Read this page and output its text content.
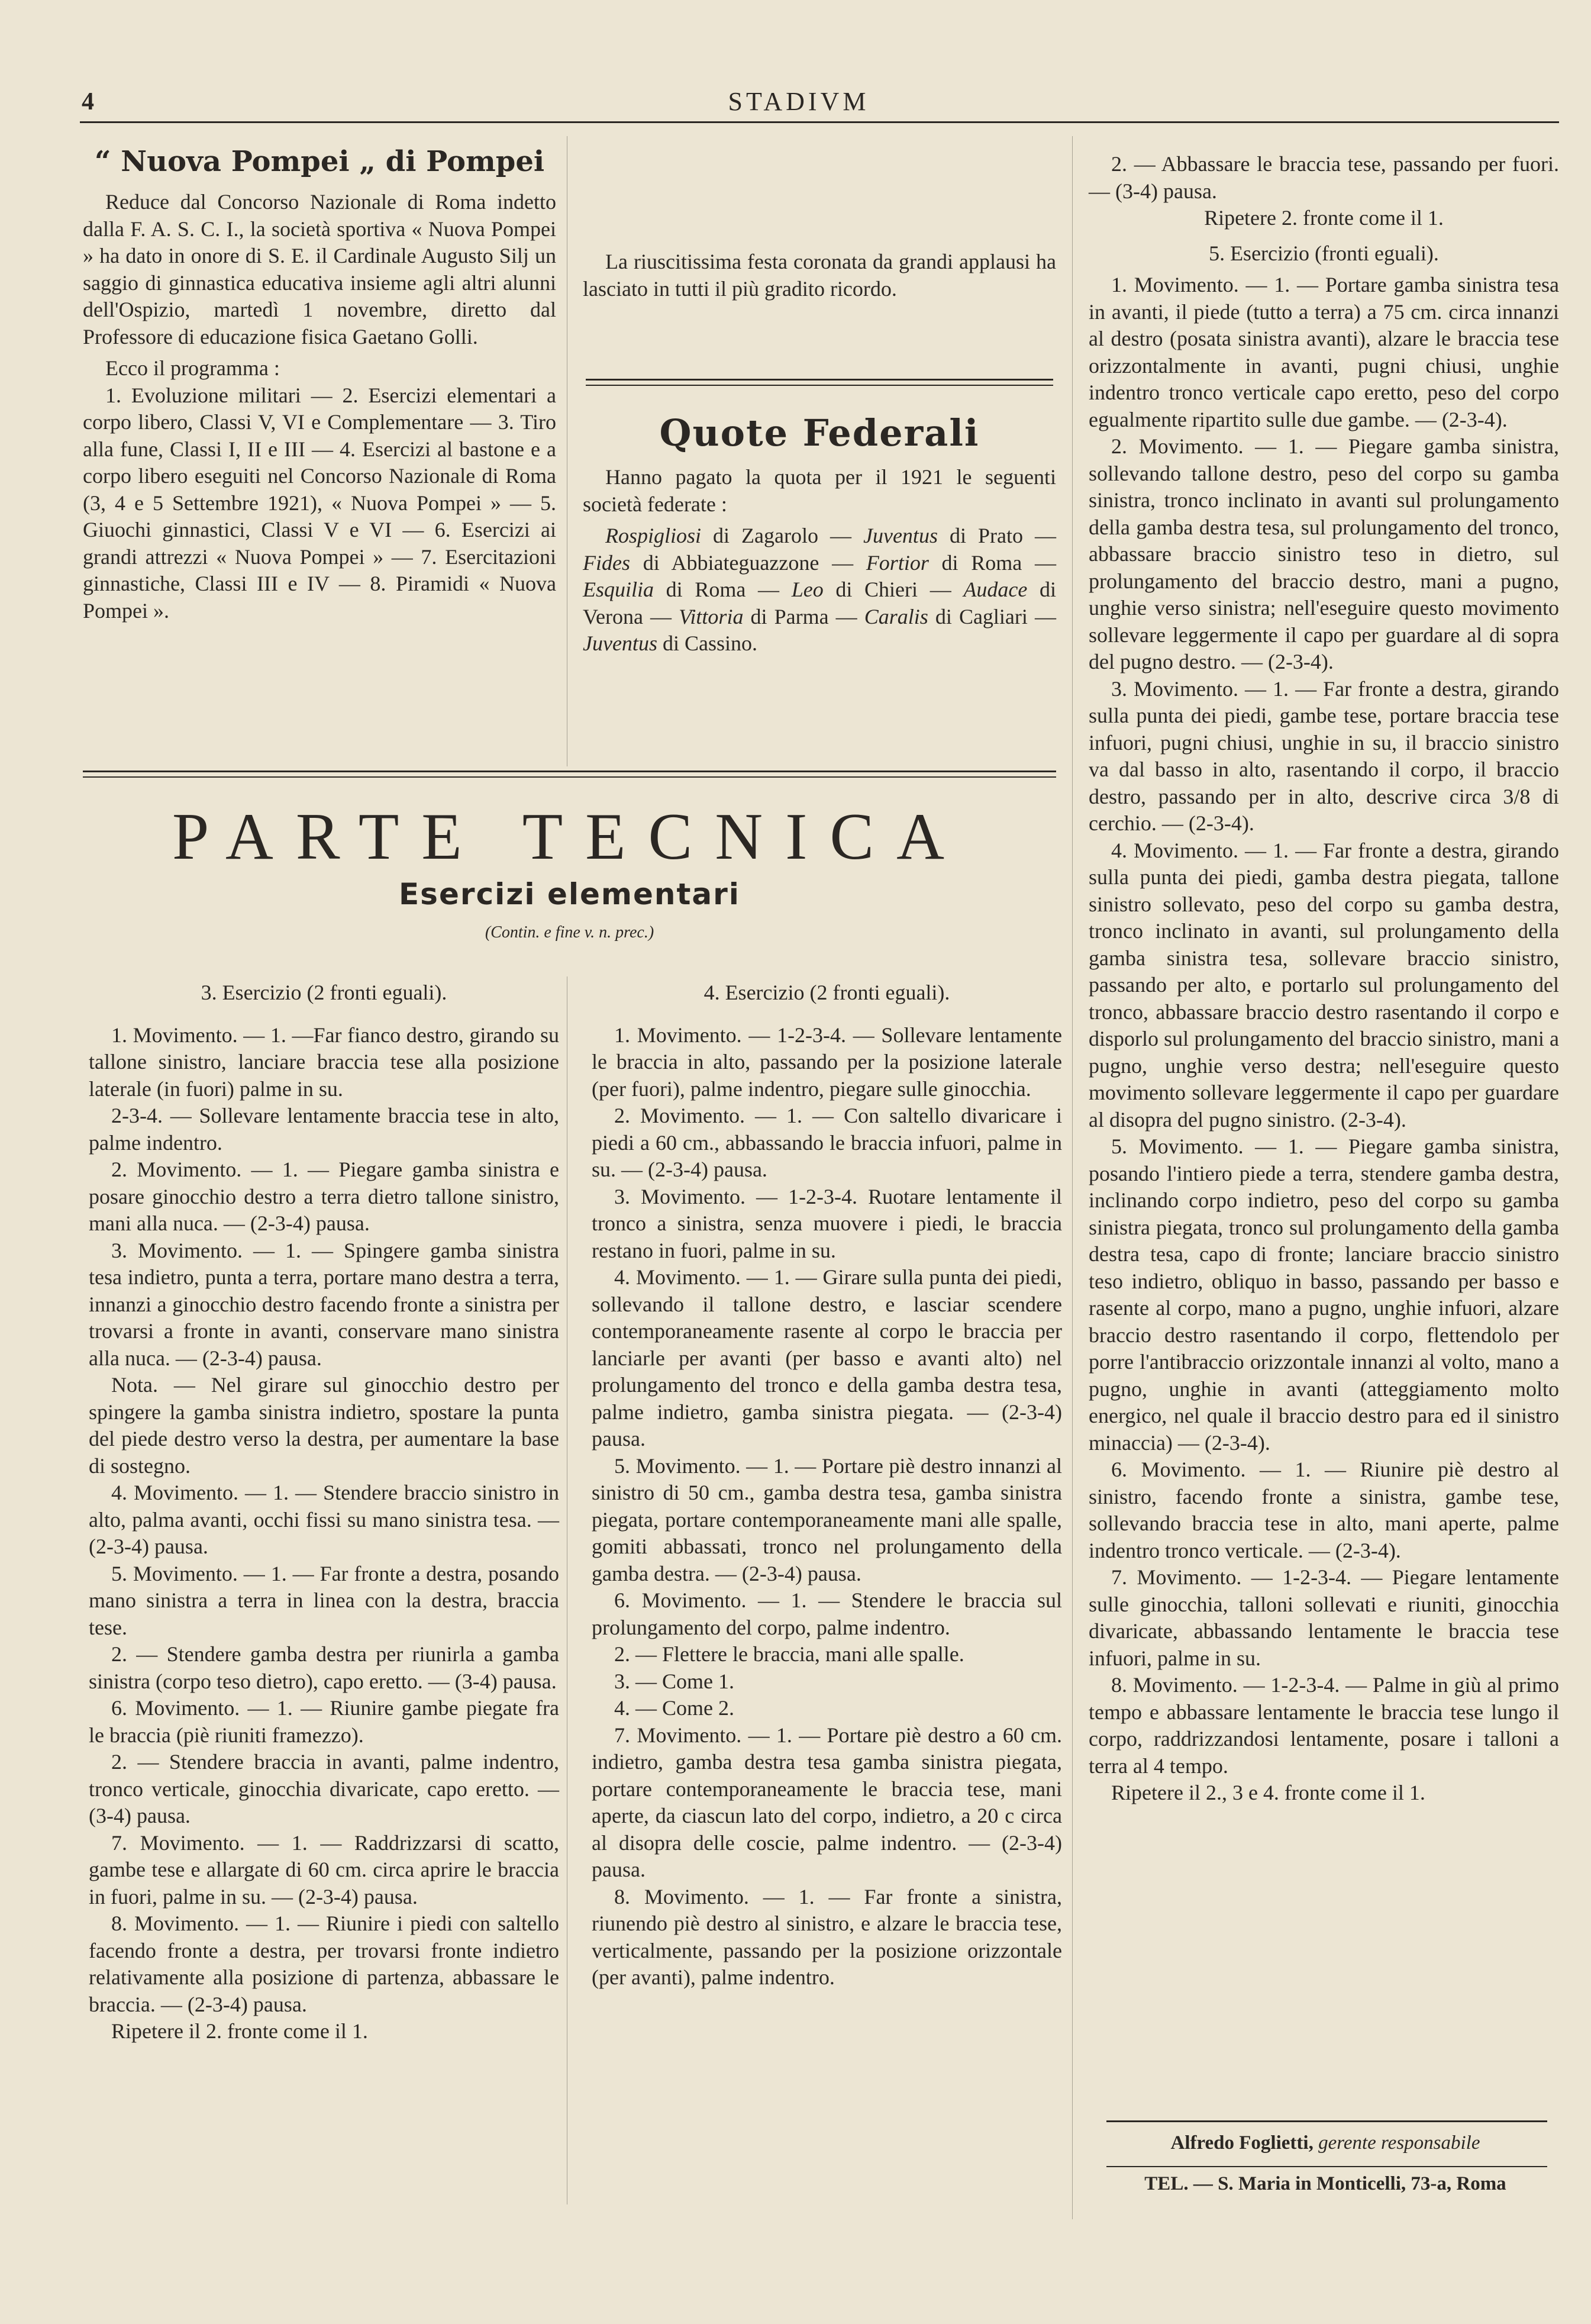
4	STADIVM
“ Nuova Pompei „ di Pompei

Reduce dal Concorso Nazionale di Roma indetto dalla F. A. S. C. I., la società sportiva « Nuova Pompei » ha dato in onore di S. E. il Cardinale Augusto Silj un saggio di ginnastica educativa insieme agli altri alunni dell'Ospizio, martedì 1 novembre, diretto dal Professore di educazione fisica Gaetano Golli.

Ecco il programma :

1. Evoluzione militari — 2. Esercizi elementari a corpo libero, Classi V, VI e Complementare — 3. Tiro alla fune, Classi I, II e III — 4. Esercizi al bastone e a corpo libero eseguiti nel Concorso Nazionale di Roma (3, 4 e 5 Settembre 1921), « Nuova Pompei » — 5. Giuochi ginnastici, Classi V e VI — 6. Esercizi ai grandi attrezzi « Nuova Pompei » — 7. Esercitazioni ginnastiche, Classi III e IV — 8. Piramidi « Nuova Pompei ».

La riuscitissima festa coronata da grandi applausi ha lasciato in tutti il più gradito ricordo.

Quote Federali

Hanno pagato la quota per il 1921 le seguenti società federate :

Rospigliosi di Zagarolo — Juventus di Prato — Fides di Abbiateguazzone — Fortior di Roma — Esquilia di Roma — Leo di Chieri — Audace di Verona — Vittoria di Parma — Caralis di Cagliari — Juventus di Cassino.

PARTE TECNICA
Esercizi elementari
(Contin. e fine v. n. prec.)

3. Esercizio (2 fronti eguali).

1. Movimento. — 1. —Far fianco destro, girando su tallone sinistro, lanciare braccia tese alla posizione laterale (in fuori) palme in su.

2-3-4. — Sollevare lentamente braccia tese in alto, palme indentro.

2. Movimento. — 1. — Piegare gamba sinistra e posare ginocchio destro a terra dietro tallone sinistro, mani alla nuca. — (2-3-4) pausa.

3. Movimento. — 1. — Spingere gamba sinistra tesa indietro, punta a terra, portare mano destra a terra, innanzi a ginocchio destro facendo fronte a sinistra per trovarsi a fronte in avanti, conservare mano sinistra alla nuca. — (2-3-4) pausa.

Nota. — Nel girare sul ginocchio destro per spingere la gamba sinistra indietro, spostare la punta del piede destro verso la destra, per aumentare la base di sostegno.

4. Movimento. — 1. — Stendere braccio sinistro in alto, palma avanti, occhi fissi su mano sinistra tesa. — (2-3-4) pausa.

5. Movimento. — 1. — Far fronte a destra, posando mano sinistra a terra in linea con la destra, braccia tese.

2. — Stendere gamba destra per riunirla a gamba sinistra (corpo teso dietro), capo eretto. — (3-4) pausa.

6. Movimento. — 1. — Riunire gambe piegate fra le braccia (piè riuniti framezzo).

2. — Stendere braccia in avanti, palme indentro, tronco verticale, ginocchia divaricate, capo eretto. — (3-4) pausa.

7. Movimento. — 1. — Raddrizzarsi di scatto, gambe tese e allargate di 60 cm. circa aprire le braccia in fuori, palme in su. — (2-3-4) pausa.

8. Movimento. — 1. — Riunire i piedi con saltello facendo fronte a destra, per trovarsi fronte indietro relativamente alla posizione di partenza, abbassare le braccia. — (2-3-4) pausa.

Ripetere il 2. fronte come il 1.

4. Esercizio (2 fronti eguali).

1. Movimento. — 1-2-3-4. — Sollevare lentamente le braccia in alto, passando per la posizione laterale (per fuori), palme indentro, piegare sulle ginocchia.

2. Movimento. — 1. — Con saltello divaricare i piedi a 60 cm., abbassando le braccia infuori, palme in su. — (2-3-4) pausa.

3. Movimento. — 1-2-3-4. Ruotare lentamente il tronco a sinistra, senza muovere i piedi, le braccia restano in fuori, palme in su.

4. Movimento. — 1. — Girare sulla punta dei piedi, sollevando il tallone destro, e lasciar scendere contemporaneamente rasente al corpo le braccia per lanciarle per avanti (per basso e avanti alto) nel prolungamento del tronco e della gamba destra tesa, palme indietro, gamba sinistra piegata. — (2-3-4) pausa.

5. Movimento. — 1. — Portare piè destro innanzi al sinistro di 50 cm., gamba destra tesa, gamba sinistra piegata, portare contemporaneamente mani alle spalle, gomiti abbassati, tronco nel prolungamento della gamba destra. — (2-3-4) pausa.

6. Movimento. — 1. — Stendere le braccia sul prolungamento del corpo, palme indentro.

2. — Flettere le braccia, mani alle spalle.

3. — Come 1.

4. — Come 2.

7. Movimento. — 1. — Portare piè destro a 60 cm. indietro, gamba destra tesa gamba sinistra piegata, portare contemporaneamente le braccia tese, mani aperte, da ciascun lato del corpo, indietro, a 20 c circa al disopra delle coscie, palme indentro. — (2-3-4) pausa.

8. Movimento. — 1. — Far fronte a sinistra, riunendo piè destro al sinistro, e alzare le braccia tese, verticalmente, passando per la posizione orizzontale (per avanti), palme indentro.

2. — Abbassare le braccia tese, passando per fuori. — (3-4) pausa.

Ripetere 2. fronte come il 1.

5. Esercizio (fronti eguali).

1. Movimento. — 1. — Portare gamba sinistra tesa in avanti, il piede (tutto a terra) a 75 cm. circa innanzi al destro (posata sinistra avanti), alzare le braccia tese orizzontalmente in avanti, pugni chiusi, unghie indentro tronco verticale capo eretto, peso del corpo egualmente ripartito sulle due gambe. — (2-3-4).

2. Movimento. — 1. — Piegare gamba sinistra, sollevando tallone destro, peso del corpo su gamba sinistra, tronco inclinato in avanti sul prolungamento della gamba destra tesa, sul prolungamento del tronco, abbassare braccio sinistro teso in dietro, sul prolungamento del braccio destro, mani a pugno, unghie verso sinistra; nell'eseguire questo movimento sollevare leggermente il capo per guardare al di sopra del pugno destro. — (2-3-4).

3. Movimento. — 1. — Far fronte a destra, girando sulla punta dei piedi, gambe tese, portare braccia tese infuori, pugni chiusi, unghie in su, il braccio sinistro va dal basso in alto, rasentando il corpo, il braccio destro, passando per in alto, descrive circa 3/8 di cerchio. — (2-3-4).

4. Movimento. — 1. — Far fronte a destra, girando sulla punta dei piedi, gamba destra piegata, tallone sinistro sollevato, peso del corpo su gamba destra, tronco inclinato in avanti, sul prolungamento della gamba sinistra tesa, sollevare braccio sinistro, passando per alto, e portarlo sul prolungamento del tronco, abbassare braccio destro rasentando il corpo e disporlo sul prolungamento del braccio sinistro, mani a pugno, unghie verso destra; nell'eseguire questo movimento sollevare leggermente il capo per guardare al disopra del pugno sinistro. (2-3-4).

5. Movimento. — 1. — Piegare gamba sinistra, posando l'intiero piede a terra, stendere gamba destra, inclinando corpo indietro, peso del corpo su gamba sinistra piegata, tronco sul prolungamento della gamba destra tesa, capo di fronte; lanciare braccio sinistro teso indietro, obliquo in basso, passando per basso e rasente al corpo, mano a pugno, unghie infuori, alzare braccio destro rasentando il corpo, flettendolo per porre l'antibraccio orizzontale innanzi al volto, mano a pugno, unghie in avanti (atteggiamento molto energico, nel quale il braccio destro para ed il sinistro minaccia) — (2-3-4).

6. Movimento. — 1. — Riunire piè destro al sinistro, facendo fronte a sinistra, gambe tese, sollevando braccia tese in alto, mani aperte, palme indentro tronco verticale. — (2-3-4).

7. Movimento. — 1-2-3-4. — Piegare lentamente sulle ginocchia, talloni sollevati e riuniti, ginocchia divaricate, abbassando lentamente le braccia tese infuori, palme in su.

8. Movimento. — 1-2-3-4. — Palme in giù al primo tempo e abbassare lentamente le braccia tese lungo il corpo, raddrizzandosi lentamente, posare i talloni a terra al 4 tempo.

Ripetere il 2., 3 e 4. fronte come il 1.

Alfredo Foglietti, gerente responsabile
TEL. — S. Maria in Monticelli, 73-a, Roma
